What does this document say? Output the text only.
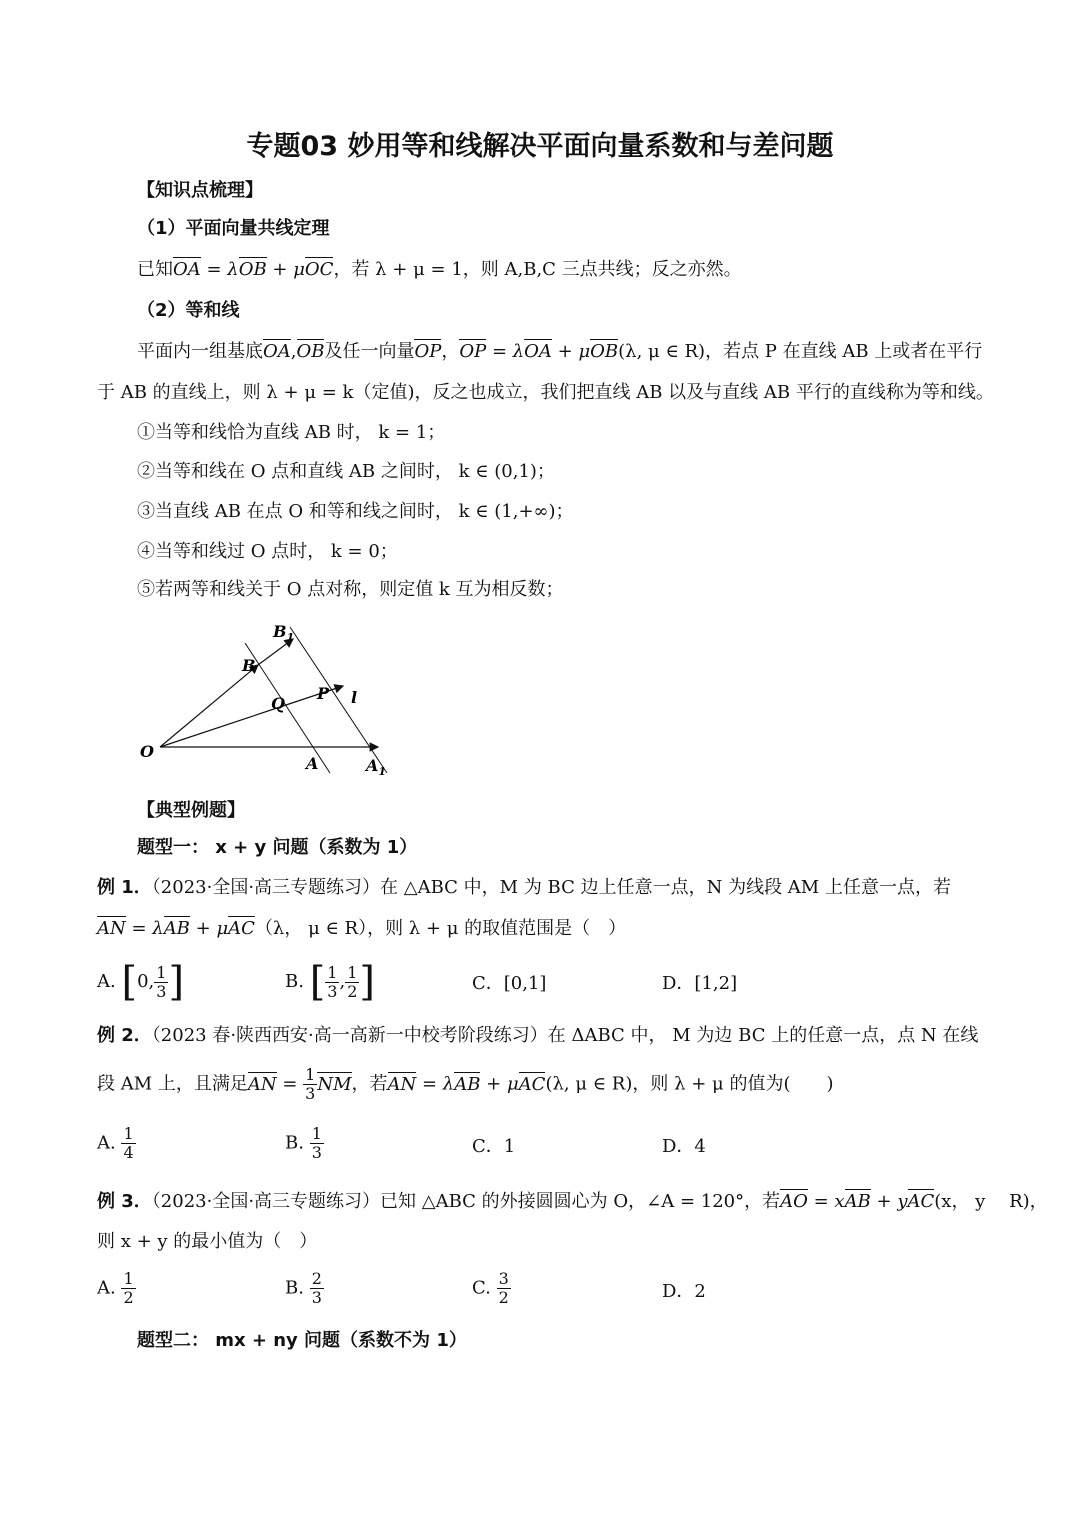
专题03 妙用等和线解决平面向量系数和与差问题
【知识点梳理】
（1）平面向量共线定理
已知OA = λOB + μOC，若 λ + μ = 1，则 A,B,C 三点共线；反之亦然。
（2）等和线
平面内一组基底OA,OB及任一向量OP，OP = λOA + μOB(λ, μ ∈ R)，若点 P 在直线 AB 上或者在平行
于 AB 的直线上，则 λ + μ = k（定值)，反之也成立，我们把直线 AB 以及与直线 AB 平行的直线称为等和线。
①当等和线恰为直线 AB 时， k = 1；
②当等和线在 O 点和直线 AB 之间时， k ∈ (0,1)；
③当直线 AB 在点 O 和等和线之间时， k ∈ (1,+∞)；
④当等和线过 O 点时， k = 0；
⑤若两等和线关于 O 点对称，则定值 k 互为相反数；
O
A	$A_1$
B
$B_1$
Q
P l
【典型例题】
题型一： x + y 问题（系数为 1）
例 1．（2023·全国·高三专题练习）在 △ABC 中，M 为 BC 边上任意一点，N 为线段 AM 上任意一点，若
AN = λAB + μAC（λ， μ ∈ R），则 λ + μ 的取值范围是（　）
A. [0, $\frac{1}{3}$ ]	B. [ $\frac{1}{3}$ , $\frac{1}{2}$ ]	C．[0,1]	D．[1,2]
例 2．（2023 春·陕西西安·高一高新一中校考阶段练习）在 ΔABC 中， M 为边 BC 上的任意一点，点 N 在线
段 AM 上，且满足AN = $\frac{1}{3}$ NM，若AN = λAB + μAC(λ, μ ∈ R)，则 λ + μ 的值为(　　)
A. $\frac{1}{4}$	B. $\frac{1}{3}$	C．1	D．4
例 3．（2023·全国·高三专题练习）已知 △ABC 的外接圆圆心为 O，∠A = 120°，若AO = xAB + yAC(x， y　 R)，
则 x + y 的最小值为（　）
A. $\frac{1}{2}$	B. $\frac{2}{3}$	C. $\frac{3}{2}$	D．2
题型二： mx + ny 问题（系数不为 1）
